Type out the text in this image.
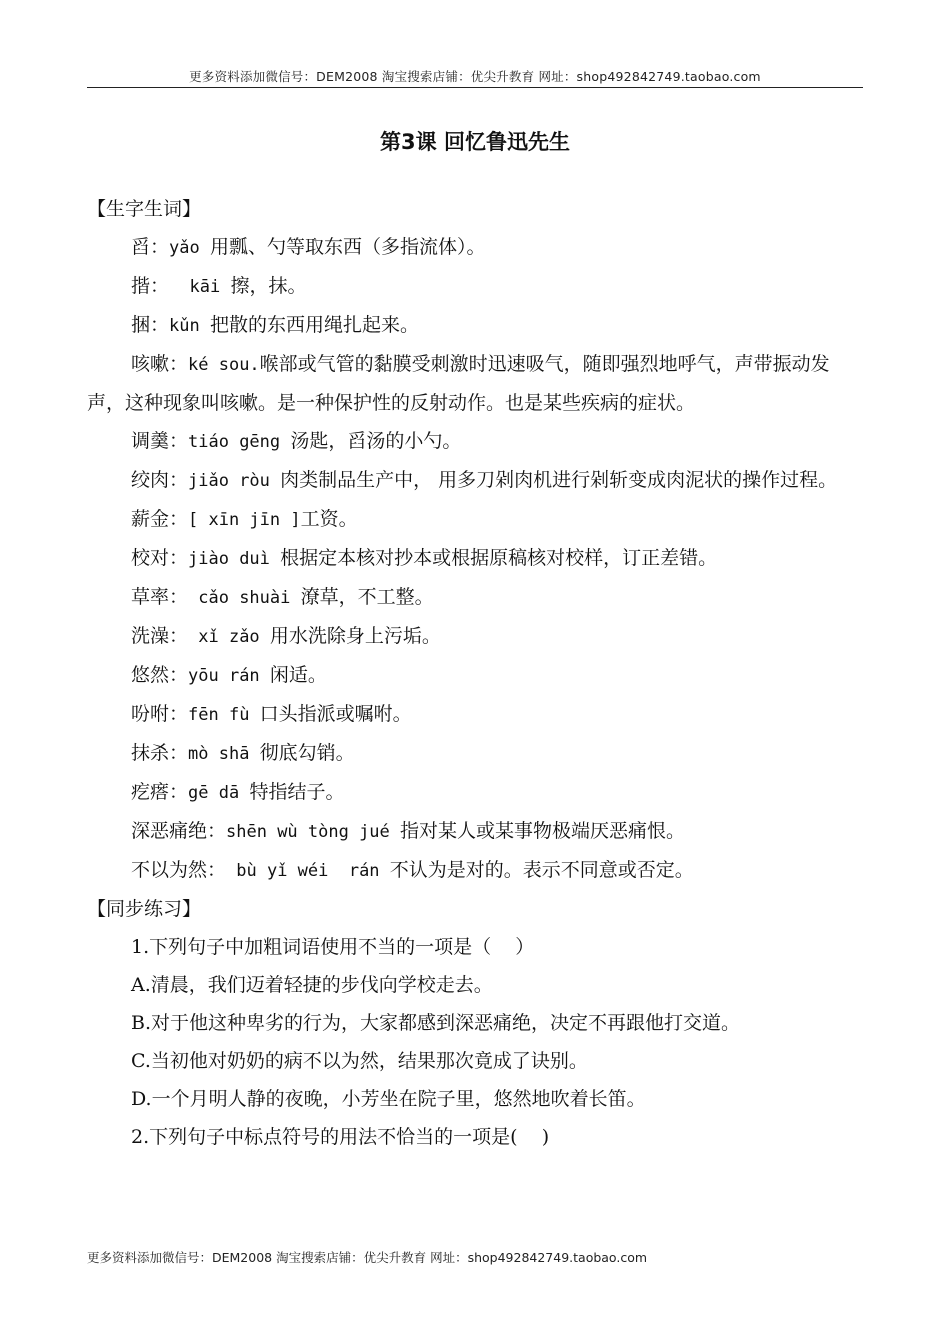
更多资料添加微信号：DEM2008 淘宝搜索店铺：优尖升教育 网址：shop492842749.taobao.com
第3课 回忆鲁迅先生

【生字生词】

舀：yǎo 用瓢、勺等取东西（多指流体）。

揩：  kāi 擦，抹。

捆：kǔn 把散的东西用绳扎起来。

咳嗽：ké sou.喉部或气管的黏膜受刺激时迅速吸气，随即强烈地呼气，声带振动发声，这种现象叫咳嗽。是一种保护性的反射动作。也是某些疾病的症状。

调羹：tiáo gēng 汤匙，舀汤的小勺。

绞肉：jiǎo ròu 肉类制品生产中， 用多刀剁肉机进行剁斩变成肉泥状的操作过程。

薪金：[ xīn jīn ]工资。

校对：jiào duì 根据定本核对抄本或根据原稿核对校样，订正差错。

草率： cǎo shuài 潦草，不工整。

洗澡： xǐ zǎo 用水洗除身上污垢。

悠然：yōu rán 闲适。

吩咐：fēn fù 口头指派或嘱咐。

抹杀：mò shā 彻底勾销。

疙瘩：gē dā 特指结子。

深恶痛绝：shēn wù tòng jué 指对某人或某事物极端厌恶痛恨。

不以为然： bù yǐ wéi  rán 不认为是对的。表示不同意或否定。

【同步练习】

1.下列句子中加粗词语使用不当的一项是（    ）

A.清晨，我们迈着轻捷的步伐向学校走去。

B.对于他这种卑劣的行为，大家都感到深恶痛绝，决定不再跟他打交道。

C.当初他对奶奶的病不以为然，结果那次竟成了诀别。

D.一个月明人静的夜晚，小芳坐在院子里，悠然地吹着长笛。

2.下列句子中标点符号的用法不恰当的一项是(    )

更多资料添加微信号：DEM2008 淘宝搜索店铺：优尖升教育 网址：shop492842749.taobao.com
